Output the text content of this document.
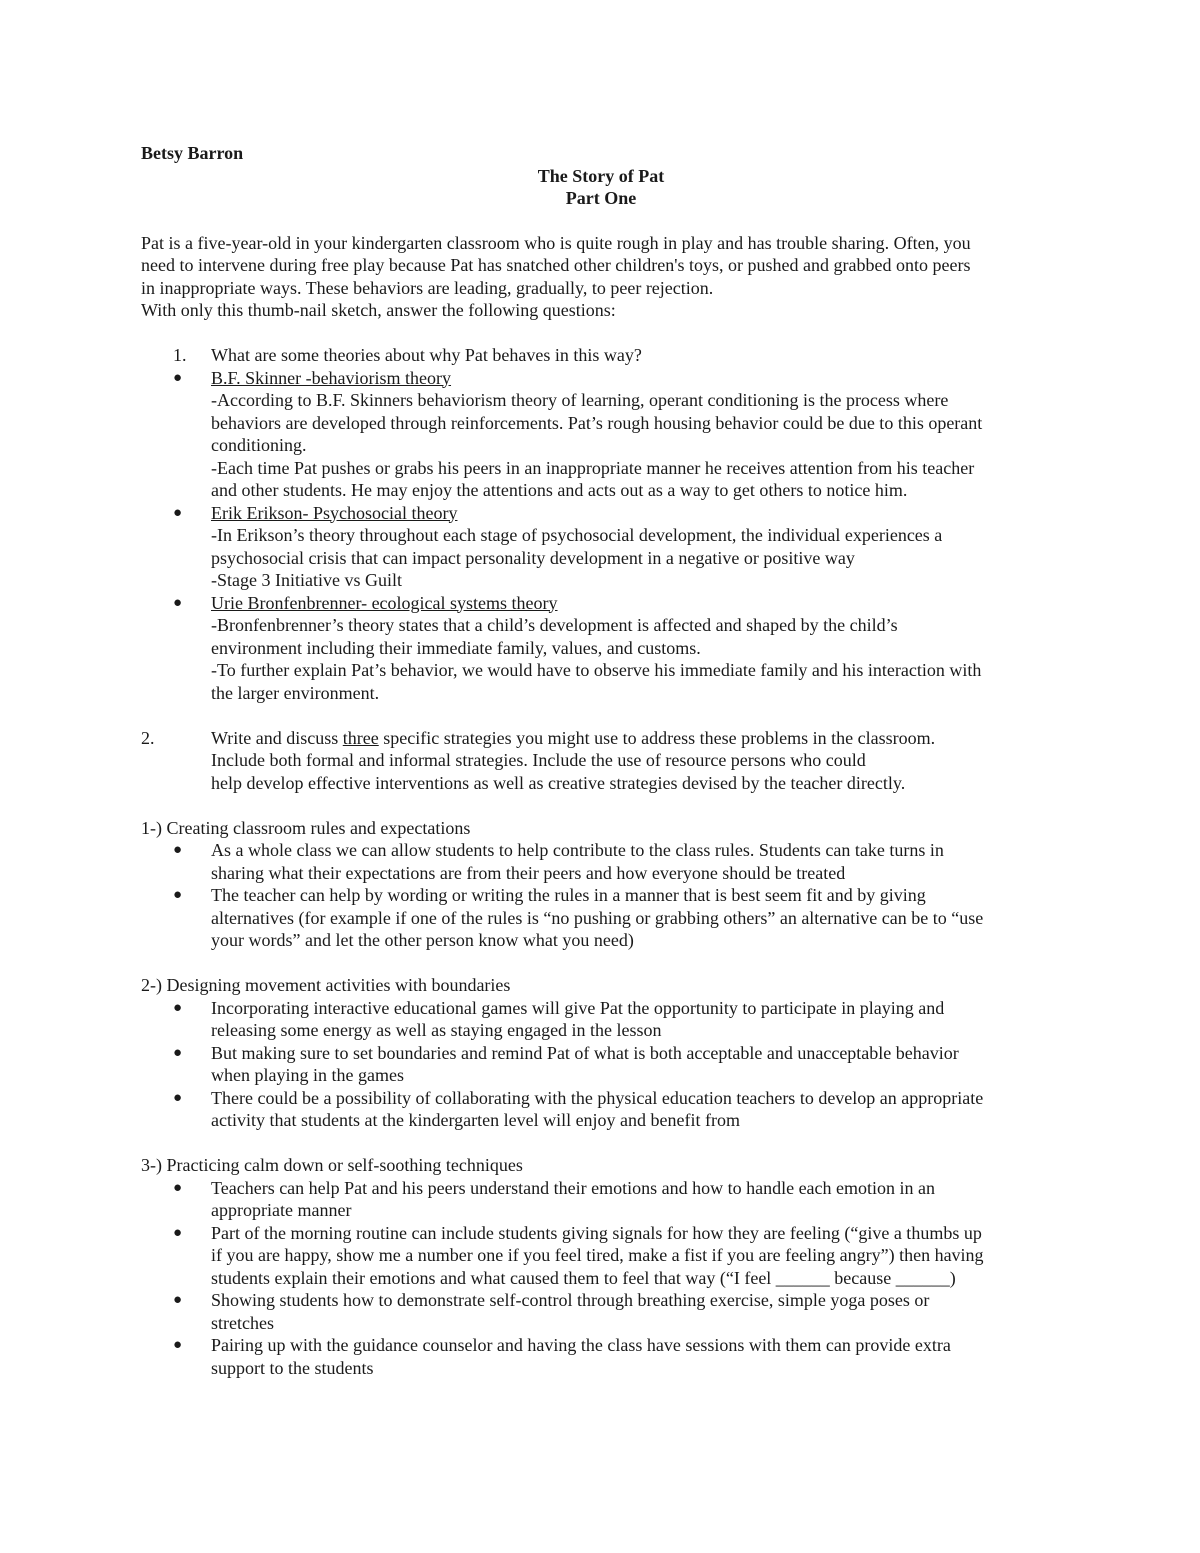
Betsy Barron

The Story of Pat

Part One

Pat is a five-year-old in your kindergarten classroom who is quite rough in play and has trouble sharing. Often, you

need to intervene during free play because Pat has snatched other children's toys, or pushed and grabbed onto peers

in inappropriate ways. These behaviors are leading, gradually, to peer rejection.

With only this thumb-nail sketch, answer the following questions:

1. What are some theories about why Pat behaves in this way?

● B.F. Skinner -behaviorism theory

-According to B.F. Skinners behaviorism theory of learning, operant conditioning is the process where

behaviors are developed through reinforcements. Pat’s rough housing behavior could be due to this operant

conditioning.

-Each time Pat pushes or grabs his peers in an inappropriate manner he receives attention from his teacher

and other students. He may enjoy the attentions and acts out as a way to get others to notice him.

● Erik Erikson- Psychosocial theory

-In Erikson’s theory throughout each stage of psychosocial development, the individual experiences a

psychosocial crisis that can impact personality development in a negative or positive way

-Stage 3 Initiative vs Guilt

● Urie Bronfenbrenner- ecological systems theory

-Bronfenbrenner’s theory states that a child’s development is affected and shaped by the child’s

environment including their immediate family, values, and customs.

-To further explain Pat’s behavior, we would have to observe his immediate family and his interaction with

the larger environment.

2.	Write and discuss three specific strategies you might use to address these problems in the classroom.

Include both formal and informal strategies. Include the use of resource persons who could

help develop effective interventions as well as creative strategies devised by the teacher directly.

1-) Creating classroom rules and expectations

● As a whole class we can allow students to help contribute to the class rules. Students can take turns in

sharing what their expectations are from their peers and how everyone should be treated

● The teacher can help by wording or writing the rules in a manner that is best seem fit and by giving

alternatives (for example if one of the rules is “no pushing or grabbing others” an alternative can be to “use

your words” and let the other person know what you need)

2-) Designing movement activities with boundaries

● Incorporating interactive educational games will give Pat the opportunity to participate in playing and

releasing some energy as well as staying engaged in the lesson

● But making sure to set boundaries and remind Pat of what is both acceptable and unacceptable behavior

when playing in the games

● There could be a possibility of collaborating with the physical education teachers to develop an appropriate

activity that students at the kindergarten level will enjoy and benefit from

3-) Practicing calm down or self-soothing techniques

● Teachers can help Pat and his peers understand their emotions and how to handle each emotion in an

appropriate manner

● Part of the morning routine can include students giving signals for how they are feeling (“give a thumbs up

if you are happy, show me a number one if you feel tired, make a fist if you are feeling angry”) then having

students explain their emotions and what caused them to feel that way (“I feel ______ because ______)

● Showing students how to demonstrate self-control through breathing exercise, simple yoga poses or

stretches

● Pairing up with the guidance counselor and having the class have sessions with them can provide extra

support to the students
